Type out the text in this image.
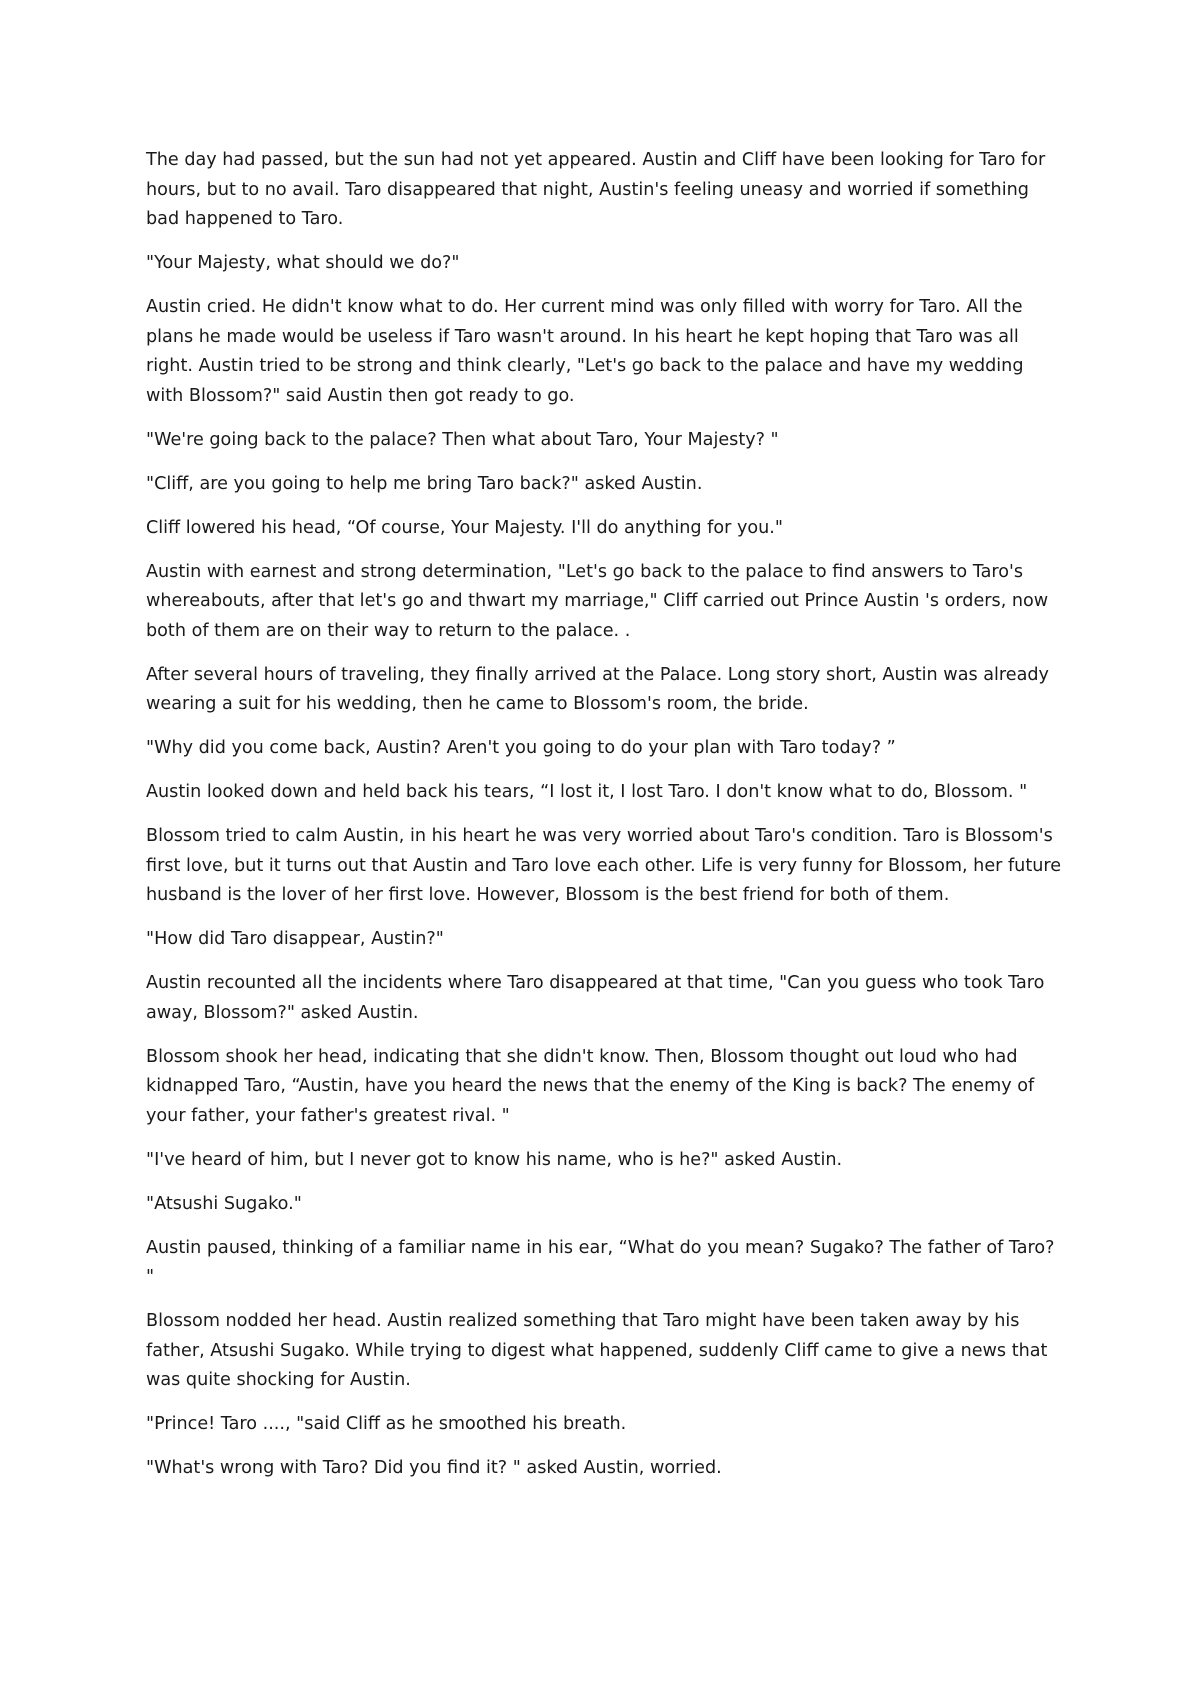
The day had passed, but the sun had not yet appeared. Austin and Cliff have been looking for Taro for hours, but to no avail. Taro disappeared that night, Austin's feeling uneasy and worried if something bad happened to Taro.

"Your Majesty, what should we do?"

Austin cried. He didn't know what to do. Her current mind was only filled with worry for Taro. All the plans he made would be useless if Taro wasn't around. In his heart he kept hoping that Taro was all right. Austin tried to be strong and think clearly, "Let's go back to the palace and have my wedding with Blossom?" said Austin then got ready to go.

"We're going back to the palace? Then what about Taro, Your Majesty? "

"Cliff, are you going to help me bring Taro back?" asked Austin.

Cliff lowered his head, “Of course, Your Majesty. I'll do anything for you."

Austin with earnest and strong determination, "Let's go back to the palace to find answers to Taro's whereabouts, after that let's go and thwart my marriage," Cliff carried out Prince Austin 's orders, now both of them are on their way to return to the palace. .

After several hours of traveling, they finally arrived at the Palace. Long story short, Austin was already wearing a suit for his wedding, then he came to Blossom's room, the bride.

"Why did you come back, Austin? Aren't you going to do your plan with Taro today? ”

Austin looked down and held back his tears, “I lost it, I lost Taro. I don't know what to do, Blossom. "

Blossom tried to calm Austin, in his heart he was very worried about Taro's condition. Taro is Blossom's first love, but it turns out that Austin and Taro love each other. Life is very funny for Blossom, her future husband is the lover of her first love. However, Blossom is the best friend for both of them.

"How did Taro disappear, Austin?"

Austin recounted all the incidents where Taro disappeared at that time, "Can you guess who took Taro away, Blossom?" asked Austin.

Blossom shook her head, indicating that she didn't know. Then, Blossom thought out loud who had kidnapped Taro, “Austin, have you heard the news that the enemy of the King is back? The enemy of your father, your father's greatest rival. "

"I've heard of him, but I never got to know his name, who is he?" asked Austin.

"Atsushi Sugako."

Austin paused, thinking of a familiar name in his ear, “What do you mean? Sugako? The father of Taro? "

Blossom nodded her head. Austin realized something that Taro might have been taken away by his father, Atsushi Sugako. While trying to digest what happened, suddenly Cliff came to give a news that was quite shocking for Austin.

"Prince! Taro ...., "said Cliff as he smoothed his breath.

"What's wrong with Taro? Did you find it? " asked Austin, worried.
